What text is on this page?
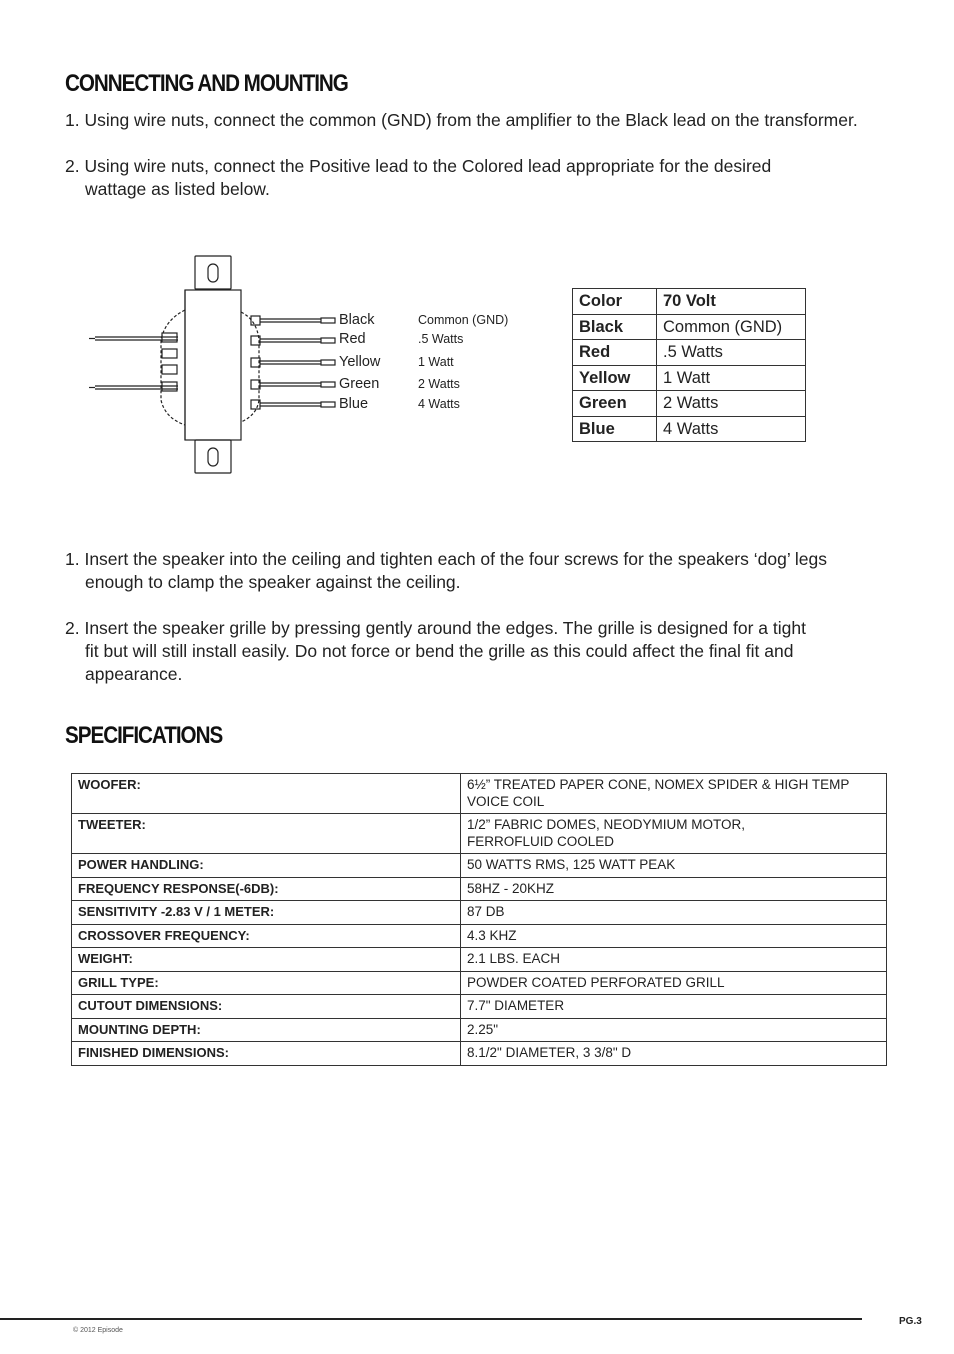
CONNECTING AND MOUNTING
1. Using wire nuts, connect the common (GND) from the amplifier to the Black lead on the transformer.
2. Using wire nuts, connect the Positive lead to the Colored lead appropriate for the desired
wattage as listed below.
Black
Red
Yellow
Green
Blue
Common (GND)
.5 Watts
1 Watt
2 Watts
4 Watts
Color	70 Volt
Black	Common (GND)
Red	.5 Watts
Yellow	1 Watt
Green	2 Watts
Blue	4 Watts
1. Insert the speaker into the ceiling and tighten each of the four screws for the speakers ‘dog’ legs
enough to clamp the speaker against the ceiling.
2. Insert the speaker grille by pressing gently around the edges. The grille is designed for a tight
fit but will still install easily. Do not force or bend the grille as this could affect the final fit and
appearance.
SPECIFICATIONS
WOOFER:	6½” TREATED PAPER CONE, NOMEX SPIDER & HIGH TEMP
VOICE COIL
TWEETER:	1/2” FABRIC DOMES, NEODYMIUM MOTOR,
FERROFLUID COOLED
POWER HANDLING:	50 WATTS RMS, 125 WATT PEAK
FREQUENCY RESPONSE(-6DB):	58HZ - 20KHZ
SENSITIVITY -2.83 V / 1 METER:	87 DB
CROSSOVER FREQUENCY:	4.3 KHZ
WEIGHT:	2.1 LBS. EACH
GRILL TYPE:	POWDER COATED PERFORATED GRILL
CUTOUT DIMENSIONS:	7.7" DIAMETER
MOUNTING DEPTH:	2.25"
FINISHED DIMENSIONS:	8.1/2" DIAMETER, 3 3/8" D
PG.3
© 2012 Episode
